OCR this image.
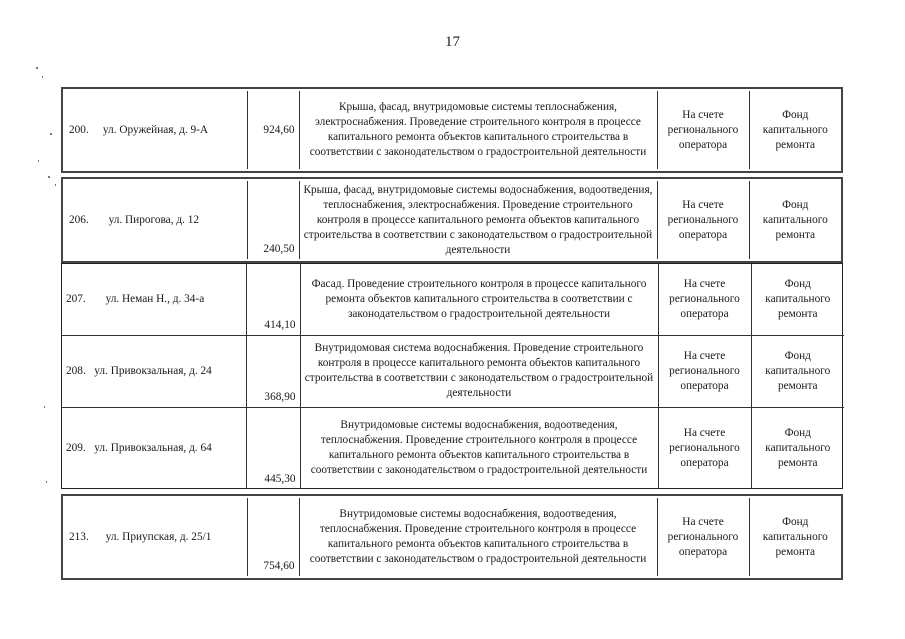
17
200. ул. Оружейная, д. 9-А	924,60	Крыша, фасад, внутридомовые системы теплоснабжения, электроснабжения. Проведение строительного контроля в процессе капитального ремонта объектов капитального строительства в соответствии с законодательством о градостроительной деятельности	На счете регионального оператора	Фонд капитального ремонта
206. ул. Пирогова, д. 12	240,50	Крыша, фасад, внутридомовые системы водоснабжения, водоотведения, теплоснабжения, электроснабжения. Проведение строительного контроля в процессе капитального ремонта объектов капитального строительства в соответствии с законодательством о градостроительной деятельности	На счете регионального оператора	Фонд капитального ремонта
207. ул. Неман Н., д. 34-а	414,10	Фасад. Проведение строительного контроля в процессе капитального ремонта объектов капитального строительства в соответствии с законодательством о градостроительной деятельности	На счете регионального оператора	Фонд капитального ремонта
208. ул. Привокзальная, д. 24	368,90	Внутридомовая система водоснабжения. Проведение строительного контроля в процессе капитального ремонта объектов капитального строительства в соответствии с законодательством о градостроительной деятельности	На счете регионального оператора	Фонд капитального ремонта
209. ул. Привокзальная, д. 64	445,30	Внутридомовые системы водоснабжения, водоотведения, теплоснабжения. Проведение строительного контроля в процессе капитального ремонта объектов капитального строительства в соответствии с законодательством о градостроительной деятельности	На счете регионального оператора	Фонд капитального ремонта
213. ул. Приупская, д. 25/1	754,60	Внутридомовые системы водоснабжения, водоотведения, теплоснабжения. Проведение строительного контроля в процессе капитального ремонта объектов капитального строительства в соответствии с законодательством о градостроительной деятельности	На счете регионального оператора	Фонд капитального ремонта
